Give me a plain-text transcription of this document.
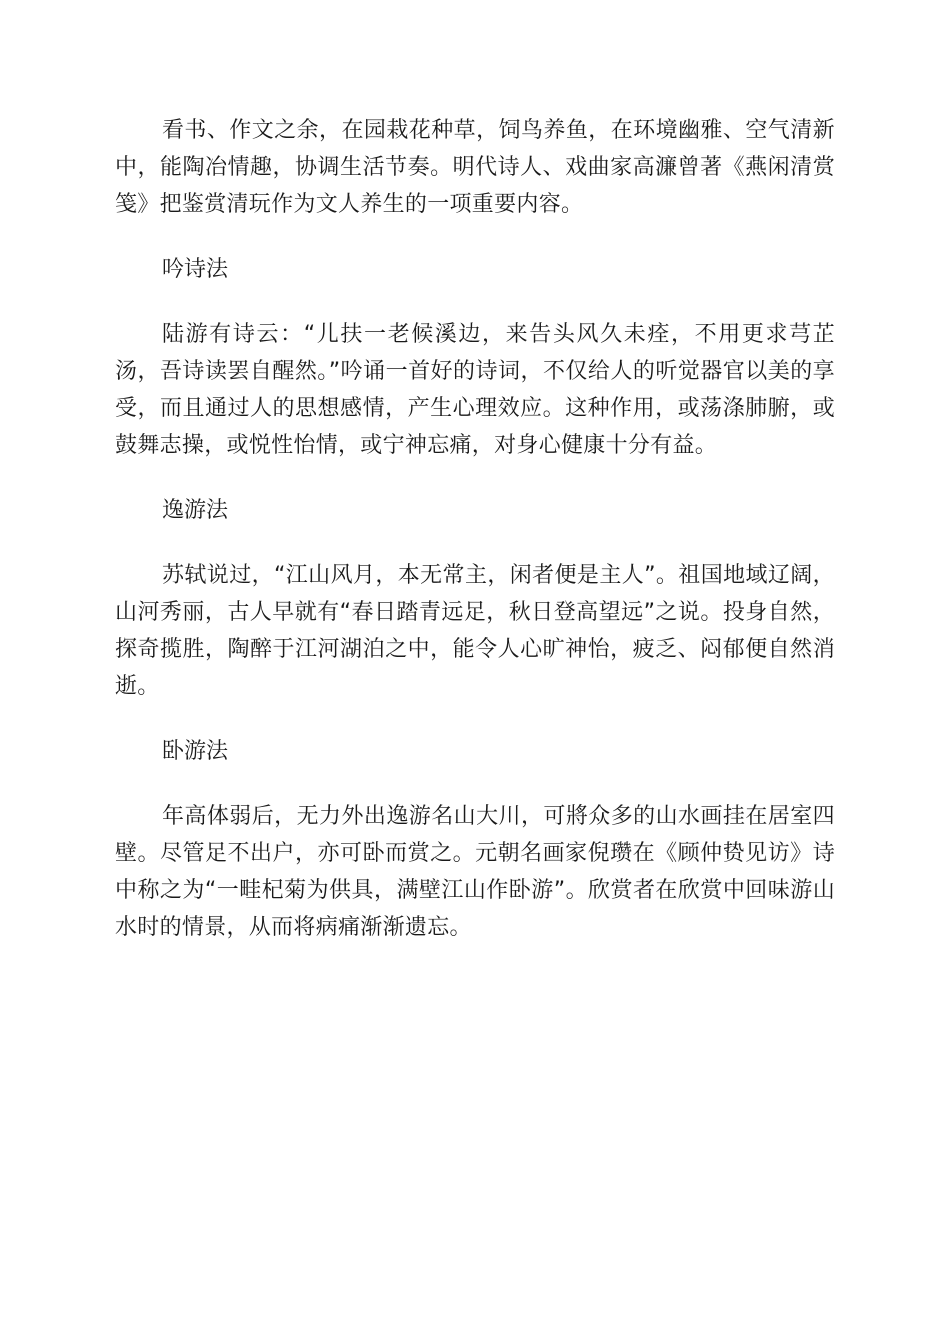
看书、作文之余，在园栽花种草，饲鸟养鱼，在环境幽雅、空气清新中，能陶冶情趣，协调生活节奏。明代诗人、戏曲家高濂曾著《燕闲清赏笺》把鉴赏清玩作为文人养生的一项重要内容。

吟诗法

陆游有诗云：“儿扶一老候溪边，来告头风久未痊，不用更求芎芷汤，吾诗读罢自醒然。”吟诵一首好的诗词，不仅给人的听觉器官以美的享受，而且通过人的思想感情，产生心理效应。这种作用，或荡涤肺腑，或鼓舞志操，或悦性怡情，或宁神忘痛，对身心健康十分有益。

逸游法

苏轼说过，“江山风月，本无常主，闲者便是主人”。祖国地域辽阔，山河秀丽，古人早就有“春日踏青远足，秋日登高望远”之说。投身自然，探奇揽胜，陶醉于江河湖泊之中，能令人心旷神怡，疲乏、闷郁便自然消逝。

卧游法

年高体弱后，无力外出逸游名山大川，可將众多的山水画挂在居室四壁。尽管足不出户，亦可卧而赏之。元朝名画家倪瓒在《顾仲贽见访》诗中称之为“一畦杞菊为供具，满壁江山作卧游”。欣赏者在欣赏中回味游山水时的情景，从而将病痛渐渐遗忘。
